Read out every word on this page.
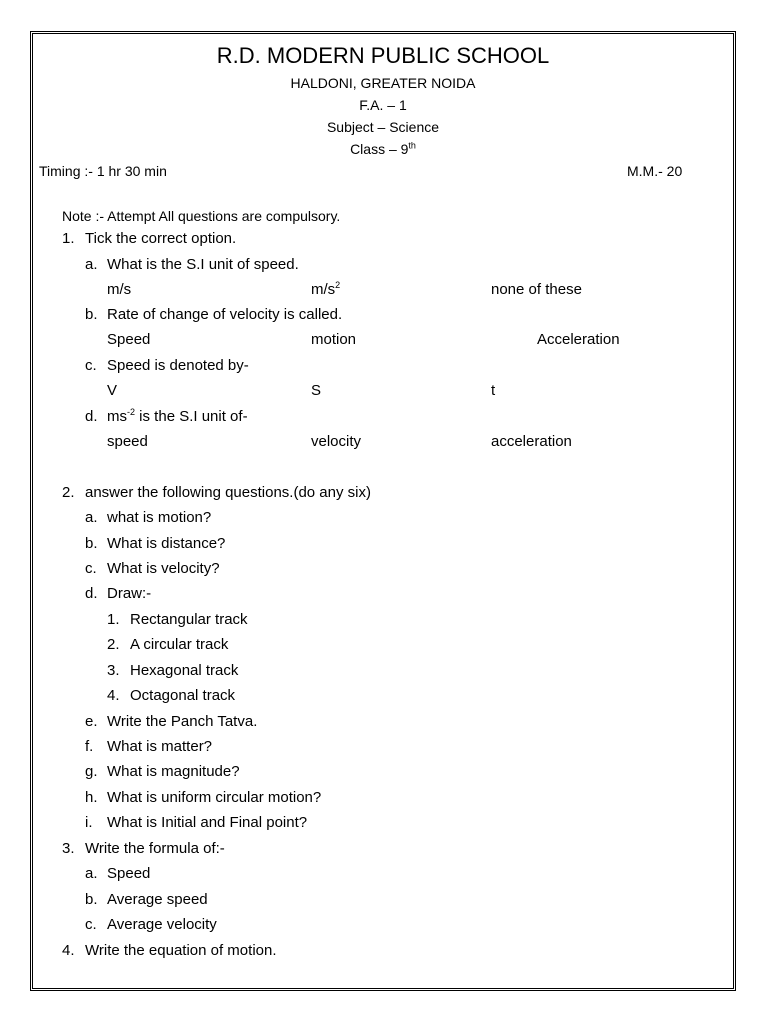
R.D. MODERN PUBLIC SCHOOL
HALDONI, GREATER NOIDA
F.A. – 1
Subject – Science
Class – 9th
Timing :- 1 hr 30 min	M.M.- 20
Note :- Attempt All questions are compulsory.
1. Tick the correct option.
a. What is the S.I unit of speed.
m/s	$m/s^2$	none of these
b. Rate of change of velocity is called.
Speed	motion	Acceleration
c. Speed is denoted by-
V	S	t
d. $ms^{-2}$ is the S.I unit of-
speed	velocity	acceleration
2. answer the following questions.(do any six)
a. what is motion?
b. What is distance?
c. What is velocity?
d. Draw:-
1. Rectangular track
2. A circular track
3. Hexagonal track
4. Octagonal track
e. Write the Panch Tatva.
f. What is matter?
g. What is magnitude?
h. What is uniform circular motion?
i. What is Initial and Final point?
3. Write the formula of:-
a. Speed
b. Average speed
c. Average velocity
4. Write the equation of motion.
